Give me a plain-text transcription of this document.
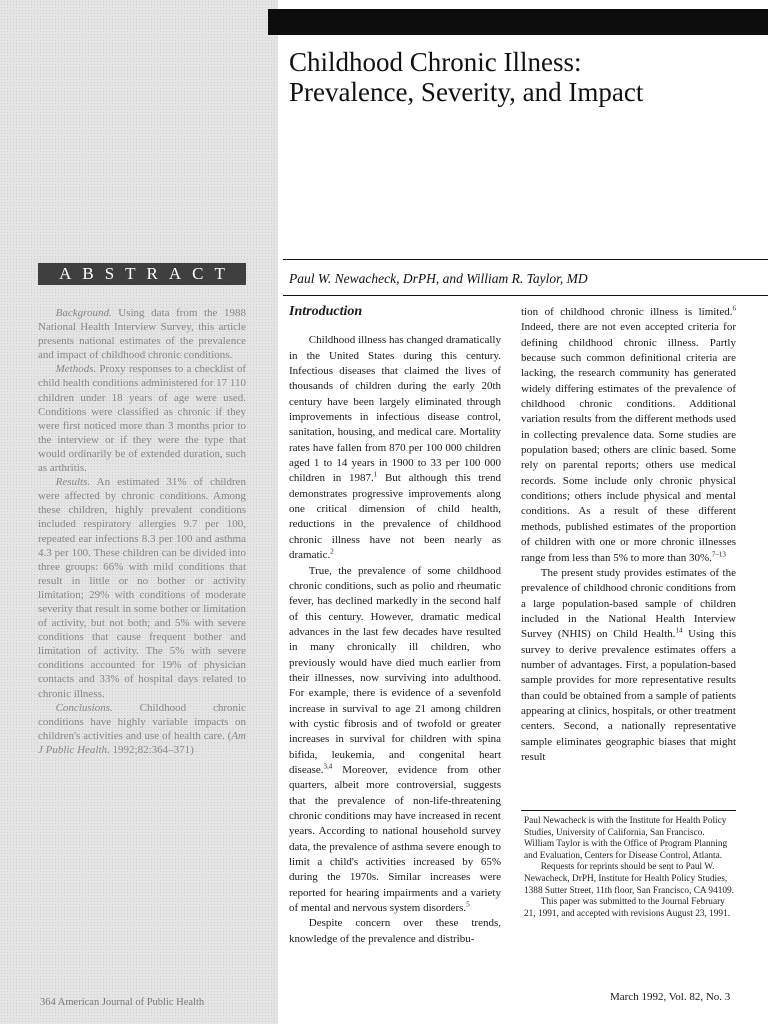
Childhood Chronic Illness:
Prevalence, Severity, and Impact

Paul W. Newacheck, DrPH, and William R. Taylor, MD

ABSTRACT

Background. Using data from the 1988 National Health Interview Survey, this article presents national estimates of the prevalence and impact of childhood chronic conditions.

Methods. Proxy responses to a checklist of child health conditions administered for 17 110 children under 18 years of age were used. Conditions were classified as chronic if they were first noticed more than 3 months prior to the interview or if they were the type that would ordinarily be of extended duration, such as arthritis.

Results. An estimated 31% of children were affected by chronic conditions. Among these children, highly prevalent conditions included respiratory allergies 9.7 per 100, repeated ear infections 8.3 per 100 and asthma 4.3 per 100. These children can be divided into three groups: 66% with mild conditions that result in little or no bother or activity limitation; 29% with conditions of moderate severity that result in some bother or limitation of activity, but not both; and 5% with severe conditions that cause frequent bother and limitation of activity. The 5% with severe conditions accounted for 19% of physician contacts and 33% of hospital days related to chronic illness.

Conclusions. Childhood chronic conditions have highly variable impacts on children's activities and use of health care. (Am J Public Health. 1992;82:364–371)

Introduction

Childhood illness has changed dramatically in the United States during this century. Infectious diseases that claimed the lives of thousands of children during the early 20th century have been largely eliminated through improvements in infectious disease control, sanitation, housing, and medical care. Mortality rates have fallen from 870 per 100 000 children aged 1 to 14 years in 1900 to 33 per 100 000 children in 1987.$^1$ But although this trend demonstrates progressive improvements along one critical dimension of child health, reductions in the prevalence of childhood chronic illness have not been nearly as dramatic.$^2$

True, the prevalence of some childhood chronic conditions, such as polio and rheumatic fever, has declined markedly in the second half of this century. However, dramatic medical advances in the last few decades have resulted in many chronically ill children, who previously would have died much earlier from their illnesses, now surviving into adulthood. For example, there is evidence of a sevenfold increase in survival to age 21 among children with cystic fibrosis and of twofold or greater increases in survival for children with spina bifida, leukemia, and congenital heart disease.$^{3,4}$ Moreover, evidence from other quarters, albeit more controversial, suggests that the prevalence of non-life-threatening chronic conditions may have increased in recent years. According to national household survey data, the prevalence of asthma severe enough to limit a child's activities increased by 65% during the 1970s. Similar increases were reported for hearing impairments and a variety of mental and nervous system disorders.$^5$

Despite concern over these trends, knowledge of the prevalence and distribu-

tion of childhood chronic illness is limited.$^6$ Indeed, there are not even accepted criteria for defining childhood chronic illness. Partly because such common definitional criteria are lacking, the research community has generated widely differing estimates of the prevalence of childhood chronic conditions. Additional variation results from the different methods used in collecting prevalence data. Some studies are population based; others are clinic based. Some rely on parental reports; others use medical records. Some include only chronic physical conditions; others include physical and mental conditions. As a result of these different methods, published estimates of the proportion of children with one or more chronic illnesses range from less than 5% to more than 30%.$^{7-13}$

The present study provides estimates of the prevalence of childhood chronic conditions from a large population-based sample of children included in the National Health Interview Survey (NHIS) on Child Health.$^{14}$ Using this survey to derive prevalence estimates offers a number of advantages. First, a population-based sample provides for more representative results than could be obtained from a sample of patients appearing at clinics, hospitals, or other treatment centers. Second, a nationally representative sample eliminates geographic biases that might result

Paul Newacheck is with the Institute for Health Policy Studies, University of California, San Francisco. William Taylor is with the Office of Program Planning and Evaluation, Centers for Disease Control, Atlanta.

Requests for reprints should be sent to Paul W. Newacheck, DrPH, Institute for Health Policy Studies, 1388 Sutter Street, 11th floor, San Francisco, CA 94109.

This paper was submitted to the Journal February 21, 1991, and accepted with revisions August 23, 1991.

364 American Journal of Public Health	March 1992, Vol. 82, No. 3
